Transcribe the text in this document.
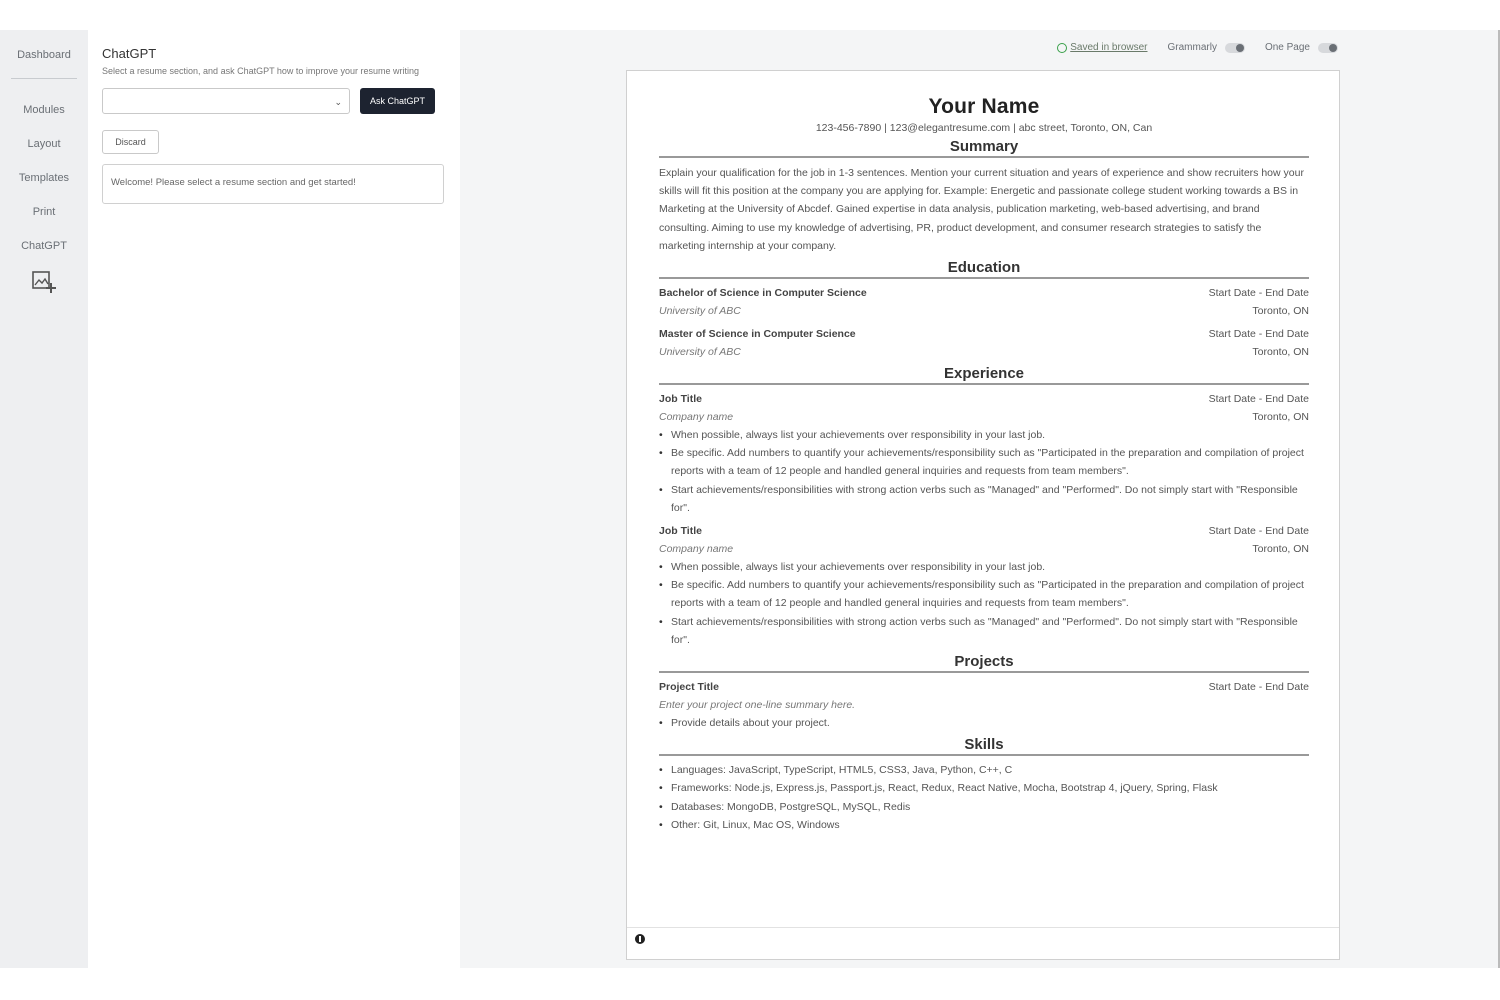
Dashboard
Modules
Layout
Templates
Print
ChatGPT
ChatGPT
Select a resume section, and ask ChatGPT how to improve your resume writing
⌄	Ask ChatGPT
Discard
Welcome! Please select a resume section and get started!
Saved in browser Grammarly	One Page
Your Name
123-456-7890 | 123@elegantresume.com | abc street, Toronto, ON, Can
Summary
Explain your qualification for the job in 1-3 sentences. Mention your current situation and years of experience and show recruiters how your skills will fit this position at the company you are applying for. Example: Energetic and passionate college student working towards a BS in Marketing at the University of Abcdef. Gained expertise in data analysis, publication marketing, web-based advertising, and brand consulting. Aiming to use my knowledge of advertising, PR, product development, and consumer research strategies to satisfy the marketing internship at your company.
Education
Bachelor of Science in Computer Science	Start Date - End Date
University of ABC	Toronto, ON
Master of Science in Computer Science	Start Date - End Date
University of ABC	Toronto, ON
Experience
Job Title	Start Date - End Date
Company name	Toronto, ON
• When possible, always list your achievements over responsibility in your last job.
• Be specific. Add numbers to quantify your achievements/responsibility such as "Participated in the preparation and compilation of project reports with a team of 12 people and handled general inquiries and requests from team members".
• Start achievements/responsibilities with strong action verbs such as "Managed" and "Performed". Do not simply start with "Responsible for".
Job Title	Start Date - End Date
Company name	Toronto, ON
• When possible, always list your achievements over responsibility in your last job.
• Be specific. Add numbers to quantify your achievements/responsibility such as "Participated in the preparation and compilation of project reports with a team of 12 people and handled general inquiries and requests from team members".
• Start achievements/responsibilities with strong action verbs such as "Managed" and "Performed". Do not simply start with "Responsible for".
Projects
Project Title	Start Date - End Date
Enter your project one-line summary here.
• Provide details about your project.
Skills
• Languages: JavaScript, TypeScript, HTML5, CSS3, Java, Python, C++, C
• Frameworks: Node.js, Express.js, Passport.js, React, Redux, React Native, Mocha, Bootstrap 4, jQuery, Spring, Flask
• Databases: MongoDB, PostgreSQL, MySQL, Redis
• Other: Git, Linux, Mac OS, Windows
